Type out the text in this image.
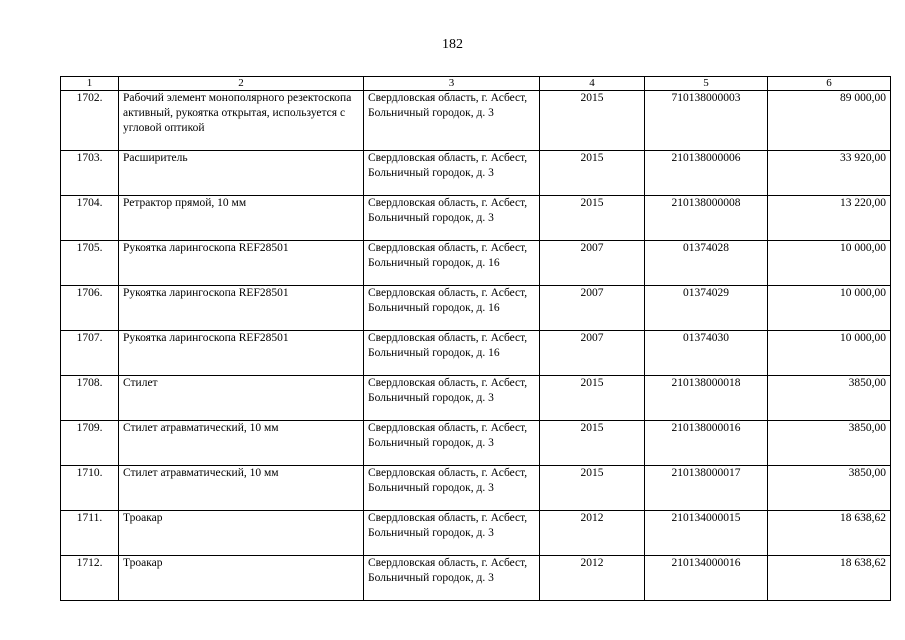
182
1	2	3	4	5	6
1702.	Рабочий элемент монополярного резектоскопа активный, рукоятка открытая, используется с угловой оптикой	Свердловская область, г. Асбест, Больничный городок, д. 3	2015	710138000003	89 000,00
1703.	Расширитель	Свердловская область, г. Асбест, Больничный городок, д. 3	2015	210138000006	33 920,00
1704.	Ретрактор прямой, 10 мм	Свердловская область, г. Асбест, Больничный городок, д. 3	2015	210138000008	13 220,00
1705.	Рукоятка ларингоскопа REF28501	Свердловская область, г. Асбест, Больничный городок, д. 16	2007	01374028	10 000,00
1706.	Рукоятка ларингоскопа REF28501	Свердловская область, г. Асбест, Больничный городок, д. 16	2007	01374029	10 000,00
1707.	Рукоятка ларингоскопа REF28501	Свердловская область, г. Асбест, Больничный городок, д. 16	2007	01374030	10 000,00
1708.	Стилет	Свердловская область, г. Асбест, Больничный городок, д. 3	2015	210138000018	3850,00
1709.	Стилет атравматический, 10 мм	Свердловская область, г. Асбест, Больничный городок, д. 3	2015	210138000016	3850,00
1710.	Стилет атравматический, 10 мм	Свердловская область, г. Асбест, Больничный городок, д. 3	2015	210138000017	3850,00
1711.	Троакар	Свердловская область, г. Асбест, Больничный городок, д. 3	2012	210134000015	18 638,62
1712.	Троакар	Свердловская область, г. Асбест, Больничный городок, д. 3	2012	210134000016	18 638,62
